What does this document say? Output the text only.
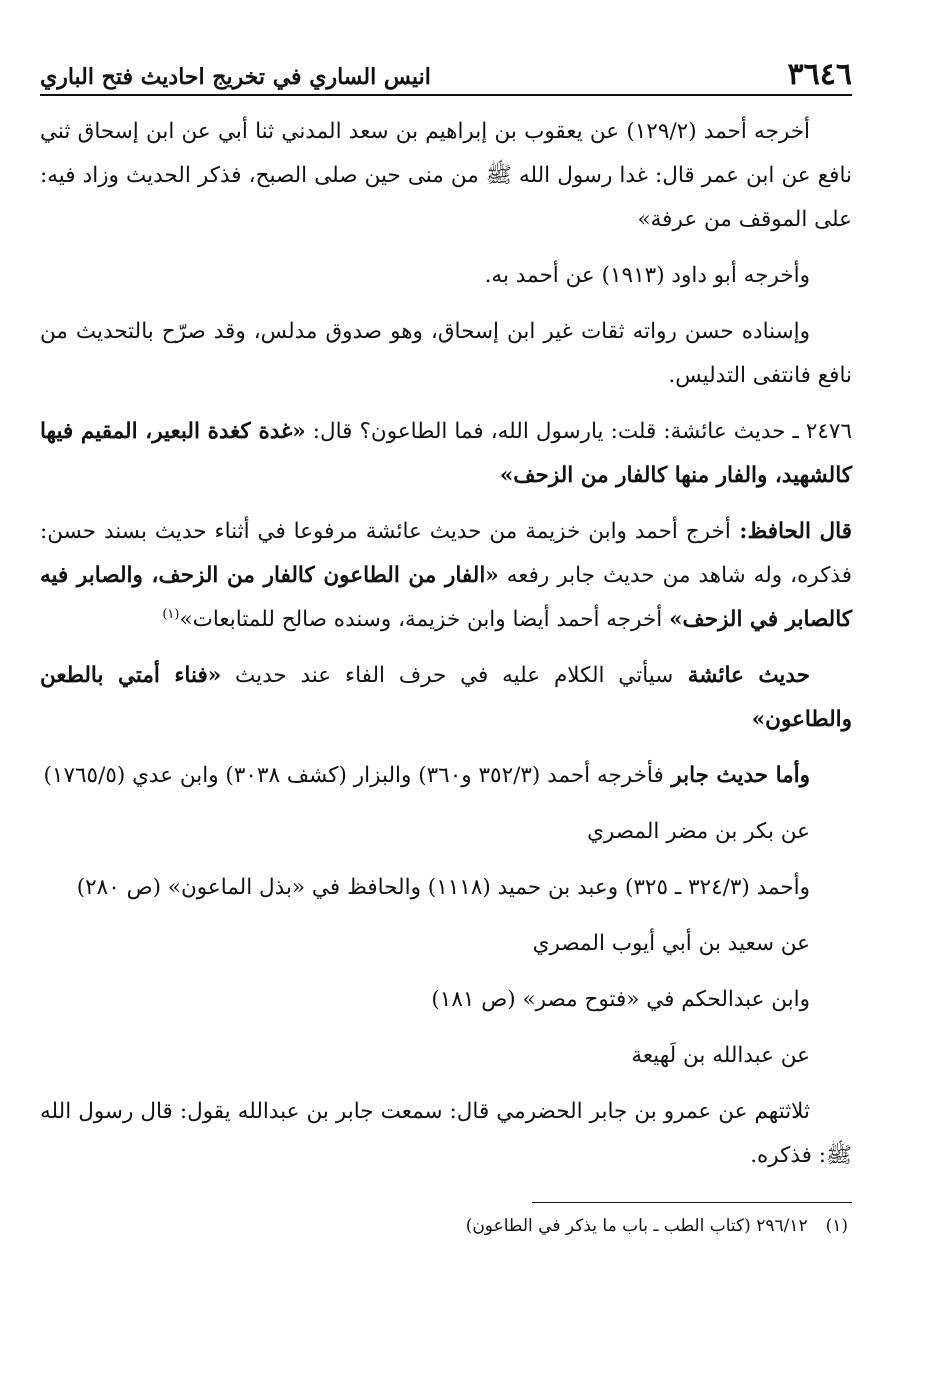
٣٦٤٦
انيس الساري في تخريج احاديث فتح الباري

أخرجه أحمد (١٢٩/٢) عن يعقوب بن إبراهيم بن سعد المدني ثنا أبي عن ابن إسحاق ثني نافع عن ابن عمر قال: غدا رسول الله ﷺ من منى حين صلى الصبح، فذكر الحديث وزاد فيه: على الموقف من عرفة»

وأخرجه أبو داود (١٩١٣) عن أحمد به.

وإسناده حسن رواته ثقات غير ابن إسحاق، وهو صدوق مدلس، وقد صرّح بالتحديث من نافع فانتفى التدليس.

٢٤٧٦ ـ حديث عائشة: قلت: يارسول الله، فما الطاعون؟ قال: «غدة كغدة البعير، المقيم فيها كالشهيد، والفار منها كالفار من الزحف»

قال الحافظ: أخرج أحمد وابن خزيمة من حديث عائشة مرفوعا في أثناء حديث بسند حسن: فذكره، وله شاهد من حديث جابر رفعه «الفار من الطاعون كالفار من الزحف، والصابر فيه كالصابر في الزحف» أخرجه أحمد أيضا وابن خزيمة، وسنده صالح للمتابعات»$^{(١)}$

حديث عائشة سيأتي الكلام عليه في حرف الفاء عند حديث «فناء أمتي بالطعن والطاعون»

وأما حديث جابر فأخرجه أحمد (٣٥٢/٣ و٣٦٠) والبزار (كشف ٣٠٣٨) وابن عدي (١٧٦٥/٥)

عن بكر بن مضر المصري

وأحمد (٣٢٤/٣ ـ ٣٢٥) وعبد بن حميد (١١١٨) والحافظ في «بذل الماعون» (ص ٢٨٠)

عن سعيد بن أبي أيوب المصري

وابن عبدالحكم في «فتوح مصر» (ص ١٨١)

عن عبدالله بن لَهيعة

ثلاثتهم عن عمرو بن جابر الحضرمي قال: سمعت جابر بن عبدالله يقول: قال رسول الله ﷺ: فذكره.

(١)٢٩٦/١٢ (كتاب الطب ـ باب ما يذكر في الطاعون)
